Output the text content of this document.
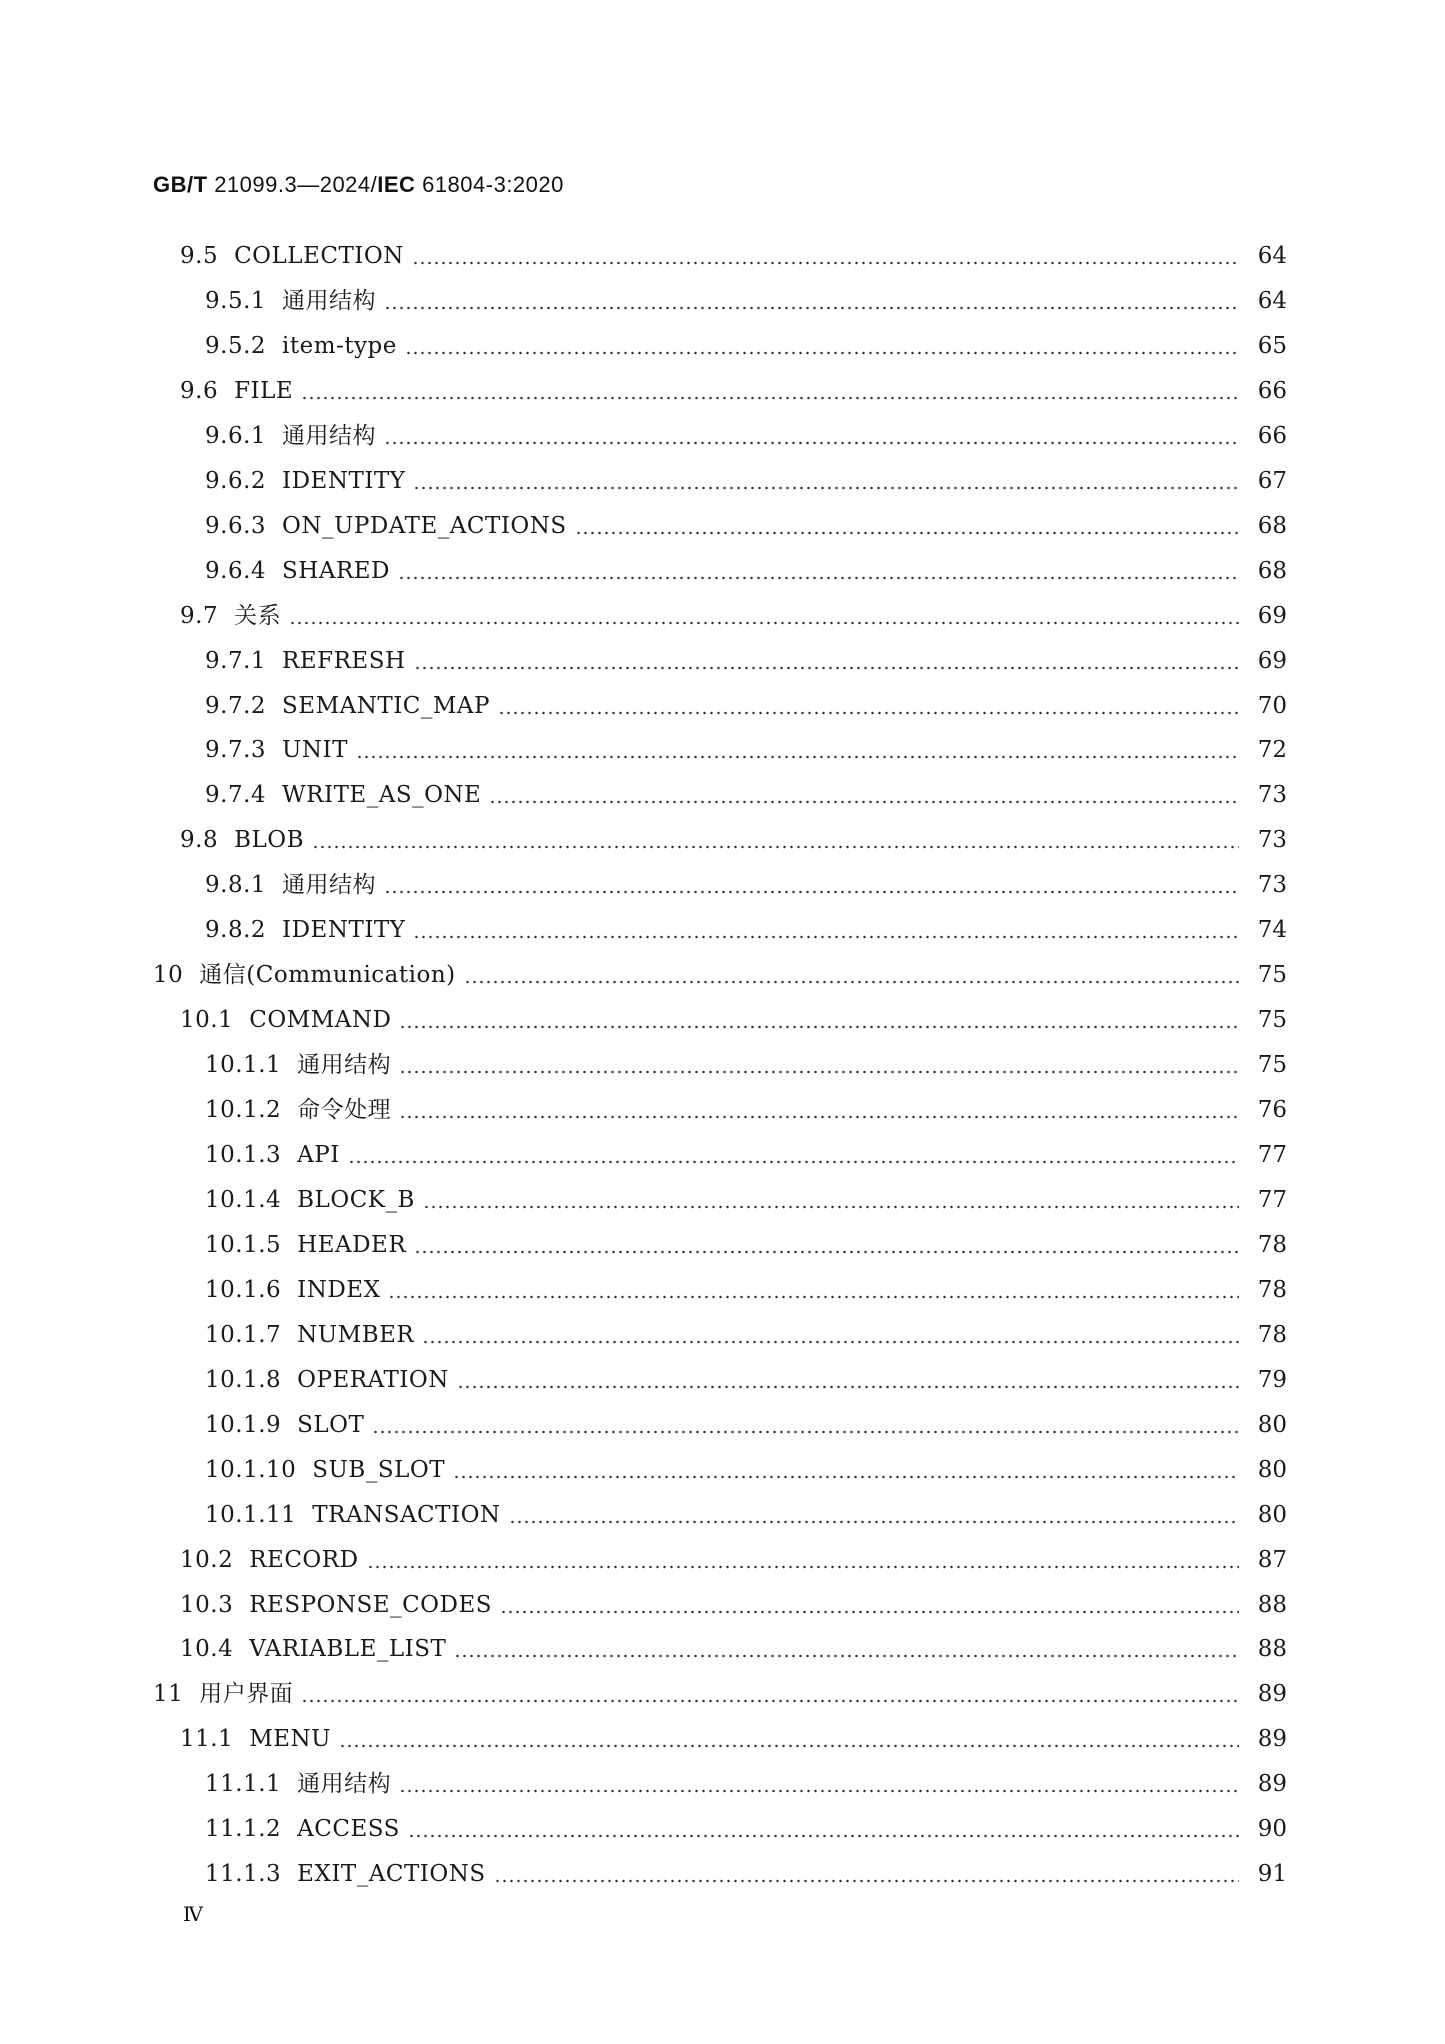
GB/T 21099.3—2024/IEC 61804-3:2020
9.5 COLLECTION	64
9.5.1 通用结构	64
9.5.2 item-type	65
9.6 FILE	66
9.6.1 通用结构	66
9.6.2 IDENTITY	67
9.6.3 ON_UPDATE_ACTIONS	68
9.6.4 SHARED	68
9.7 关系	69
9.7.1 REFRESH	69
9.7.2 SEMANTIC_MAP	70
9.7.3 UNIT	72
9.7.4 WRITE_AS_ONE	73
9.8 BLOB	73
9.8.1 通用结构	73
9.8.2 IDENTITY	74
10 通信(Communication)	75
10.1 COMMAND	75
10.1.1 通用结构	75
10.1.2 命令处理	76
10.1.3 API	77
10.1.4 BLOCK_B	77
10.1.5 HEADER	78
10.1.6 INDEX	78
10.1.7 NUMBER	78
10.1.8 OPERATION	79
10.1.9 SLOT	80
10.1.10 SUB_SLOT	80
10.1.11 TRANSACTION	80
10.2 RECORD	87
10.3 RESPONSE_CODES	88
10.4 VARIABLE_LIST	88
11 用户界面	89
11.1 MENU	89
11.1.1 通用结构	89
11.1.2 ACCESS	90
11.1.3 EXIT_ACTIONS	91
Ⅳ
